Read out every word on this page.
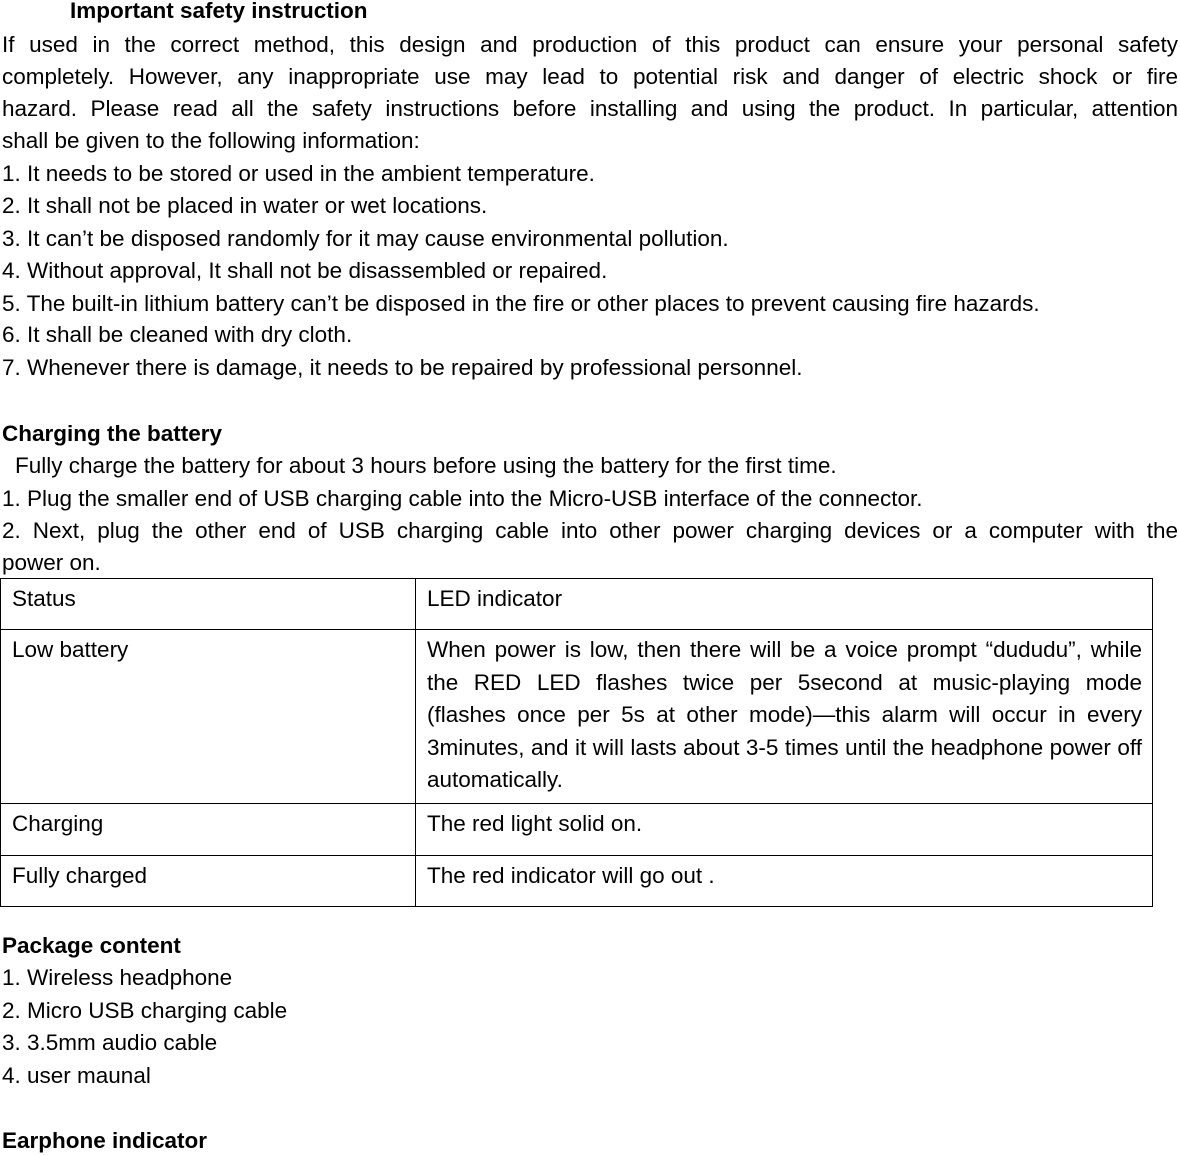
Important safety instruction
If used in the correct method, this design and production of this product can ensure your personal safety
completely. However, any inappropriate use may lead to potential risk and danger of electric shock or fire
hazard. Please read all the safety instructions before installing and using the product. In particular, attention
shall be given to the following information:
1. It needs to be stored or used in the ambient temperature.
2. It shall not be placed in water or wet locations.
3. It can’t be disposed randomly for it may cause environmental pollution.
4. Without approval, It shall not be disassembled or repaired.
5. The built-in lithium battery can’t be disposed in the fire or other places to prevent causing fire hazards.
6. It shall be cleaned with dry cloth.
7. Whenever there is damage, it needs to be repaired by professional personnel.
Charging the battery
Fully charge the battery for about 3 hours before using the battery for the first time.
1. Plug the smaller end of USB charging cable into the Micro-USB interface of the connector.
2. Next, plug the other end of USB charging cable into other power charging devices or a computer with the
power on.
Status	LED indicator
Low battery	When power is low, then there will be a voice prompt “dududu”, while the RED LED flashes twice per 5second at music-playing mode (flashes once per 5s at other mode)—this alarm will occur in every 3minutes, and it will lasts about 3-5 times until the headphone power off automatically.
Charging	The red light solid on.
Fully charged	The red indicator will go out .
Package content
1. Wireless headphone
2. Micro USB charging cable
3. 3.5mm audio cable
4. user maunal
Earphone indicator
